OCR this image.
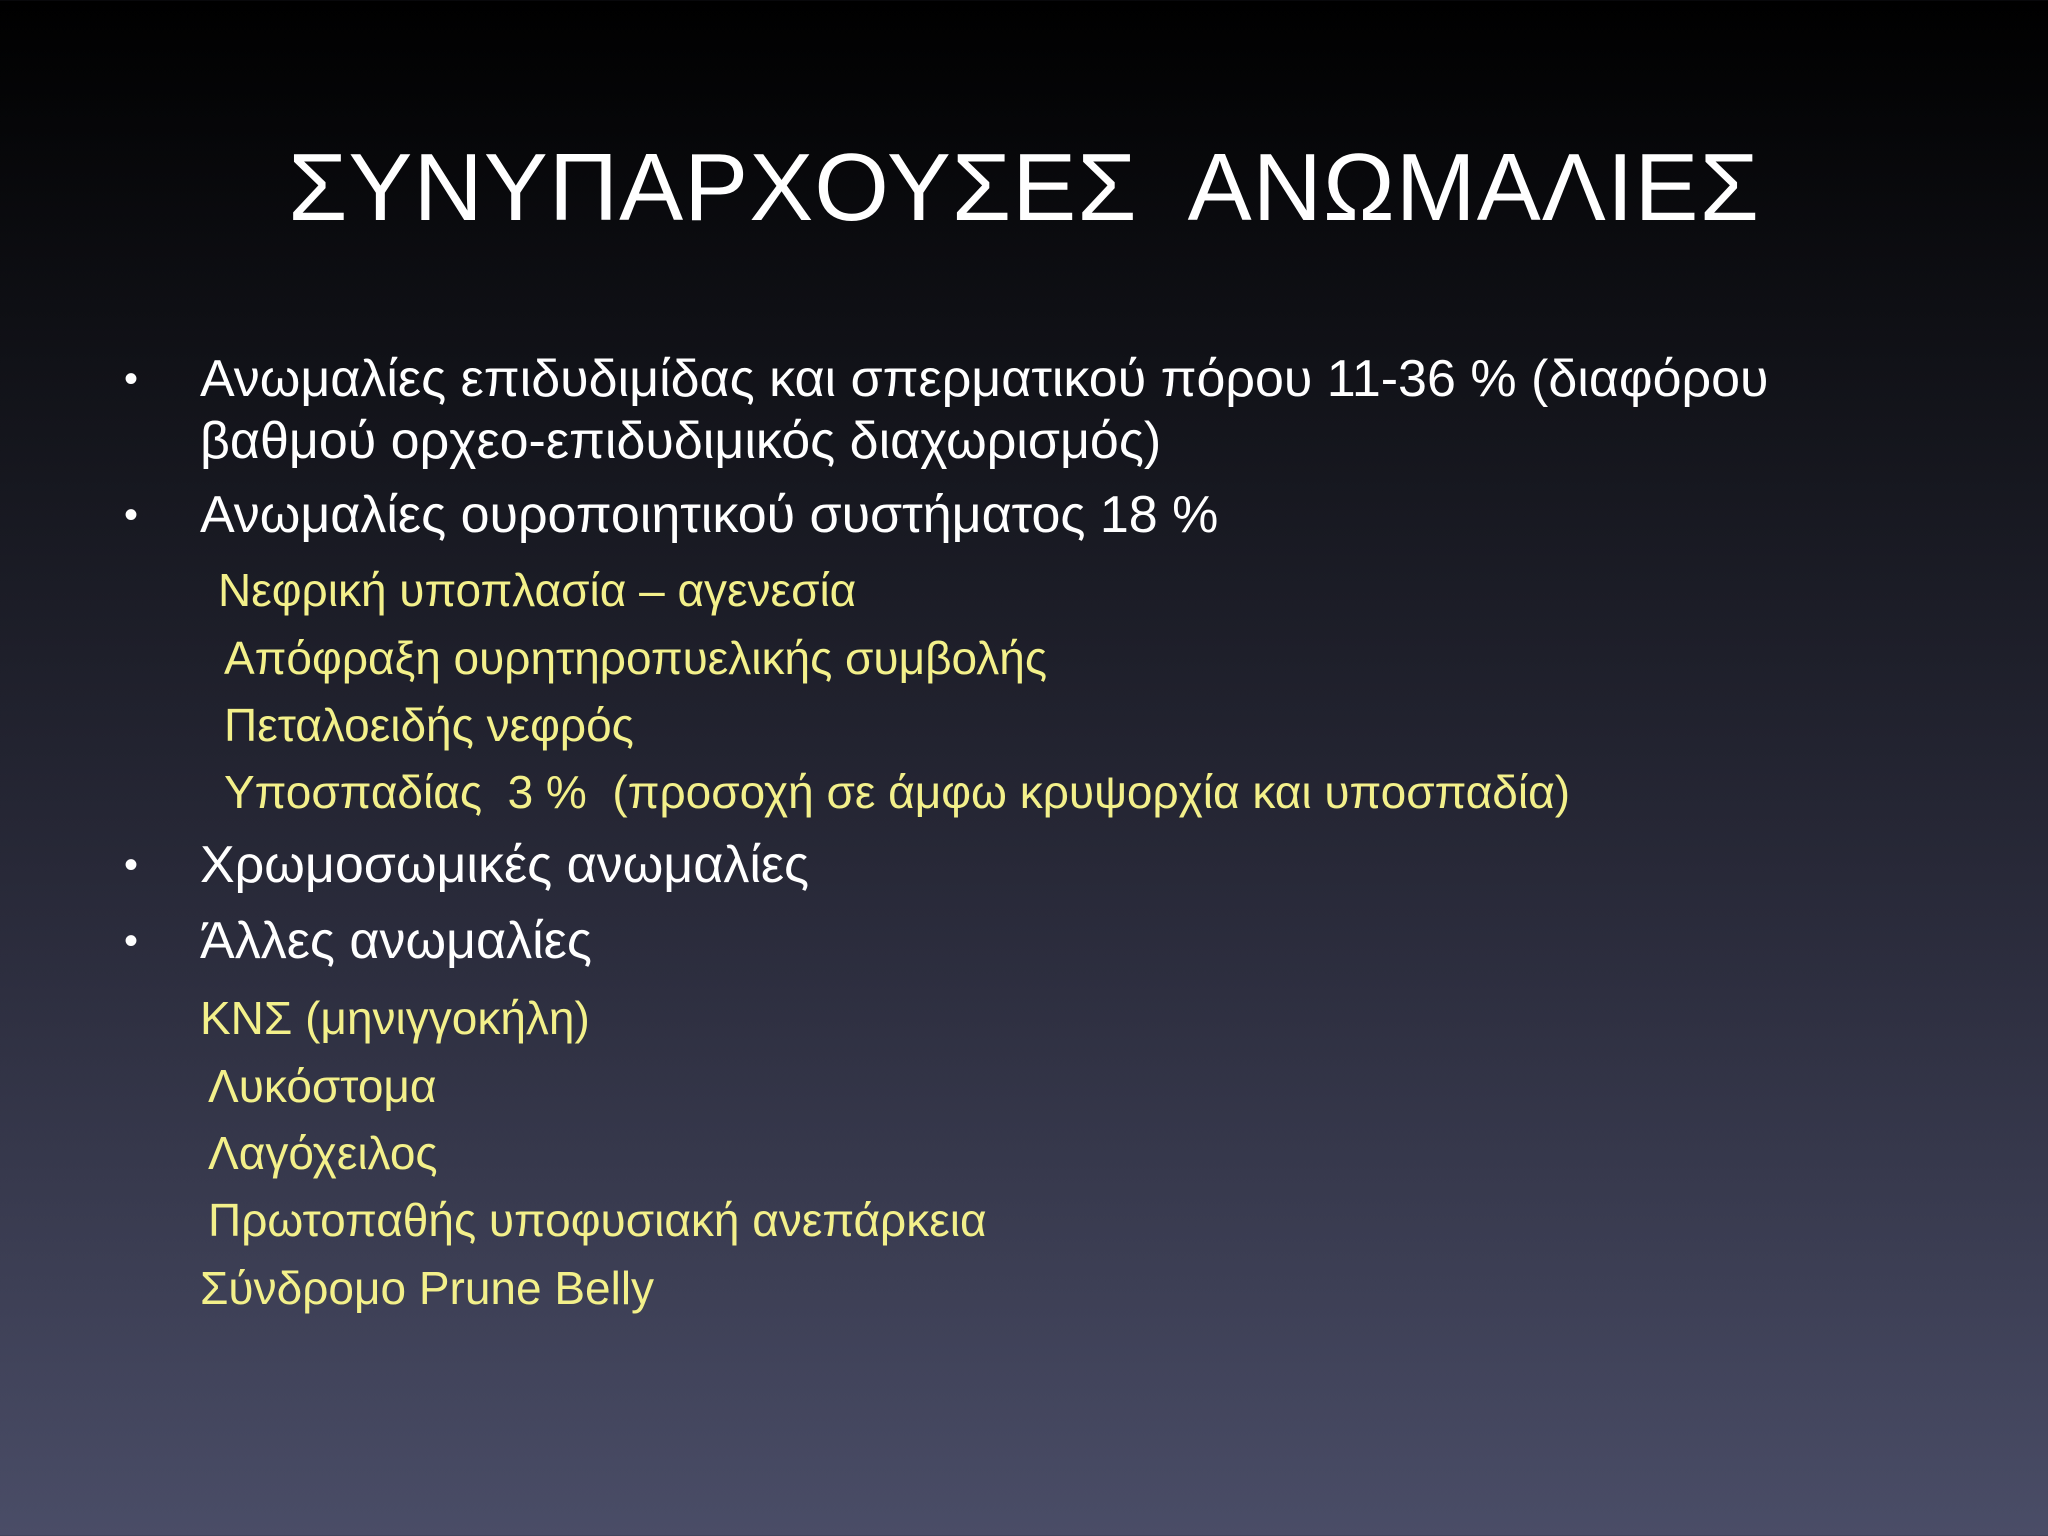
ΣΥΝΥΠΑΡΧΟΥΣΕΣ  ΑΝΩΜΑΛΙΕΣ
• Ανωμαλίες επιδυδιμίδας και σπερματικού πόρου 11-36 % (διαφόρου
βαθμού ορχεο-επιδυδιμικός διαχωρισμός)
• Ανωμαλίες ουροποιητικού συστήματος 18 %
Νεφρική υποπλασία – αγενεσία
Απόφραξη ουρητηροπυελικής συμβολής
Πεταλοειδής νεφρός
Υποσπαδίας  3 %  (προσοχή σε άμφω κρυψορχία και υποσπαδία)
• Χρωμοσωμικές ανωμαλίες
• Άλλες ανωμαλίες
ΚΝΣ (μηνιγγοκήλη)
Λυκόστομα
Λαγόχειλος
Πρωτοπαθής υποφυσιακή ανεπάρκεια
Σύνδρομο Prune Belly
